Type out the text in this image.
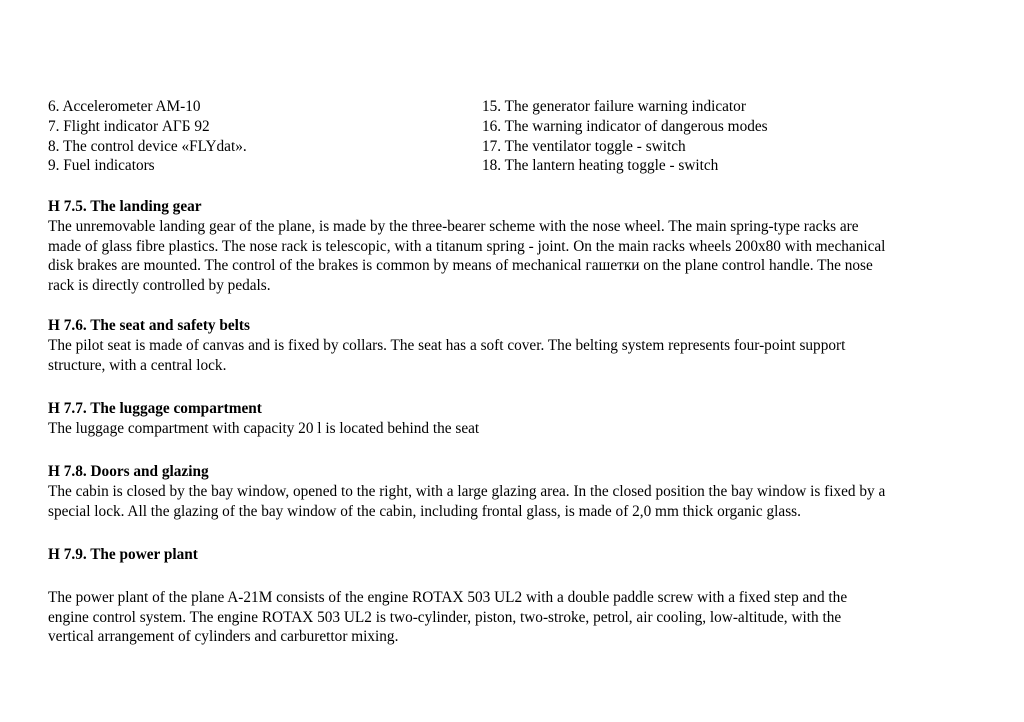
6. Accelerometer AM-10
7. Flight indicator АГБ 92
8. The control device «FLYdat».
9. Fuel indicators
15. The generator failure warning indicator
16. The warning indicator of dangerous modes
17. The ventilator toggle - switch
18. The lantern heating toggle - switch
H 7.5. The landing gear
The unremovable landing gear of the plane, is made by the three-bearer scheme with the nose wheel. The main spring-type racks are
made of glass fibre plastics. The nose rack is telescopic, with a titanum spring - joint. On the main racks wheels 200x80 with mechanical
disk brakes are mounted. The control of the brakes is common by means of mechanical гашетки on the plane control handle. The nose
rack is directly controlled by pedals.
H 7.6. The seat and safety belts
The pilot seat is made of canvas and is fixed by collars. The seat has a soft cover. The belting system represents four-point support
structure, with a central lock.
H 7.7. The luggage compartment
The luggage compartment with capacity 20 l is located behind the seat
H 7.8. Doors and glazing
The cabin is closed by the bay window, opened to the right, with a large glazing area. In the closed position the bay window is fixed by a
special lock. All the glazing of the bay window of the cabin, including frontal glass, is made of 2,0 mm thick organic glass.
H 7.9. The power plant
The power plant of the plane A-21M consists of the engine ROTAX 503 UL2 with a double paddle screw with a fixed step and the
engine control system. The engine ROTAX 503 UL2 is two-cylinder, piston, two-stroke, petrol, air cooling, low-altitude, with the
vertical arrangement of cylinders and carburettor mixing.
